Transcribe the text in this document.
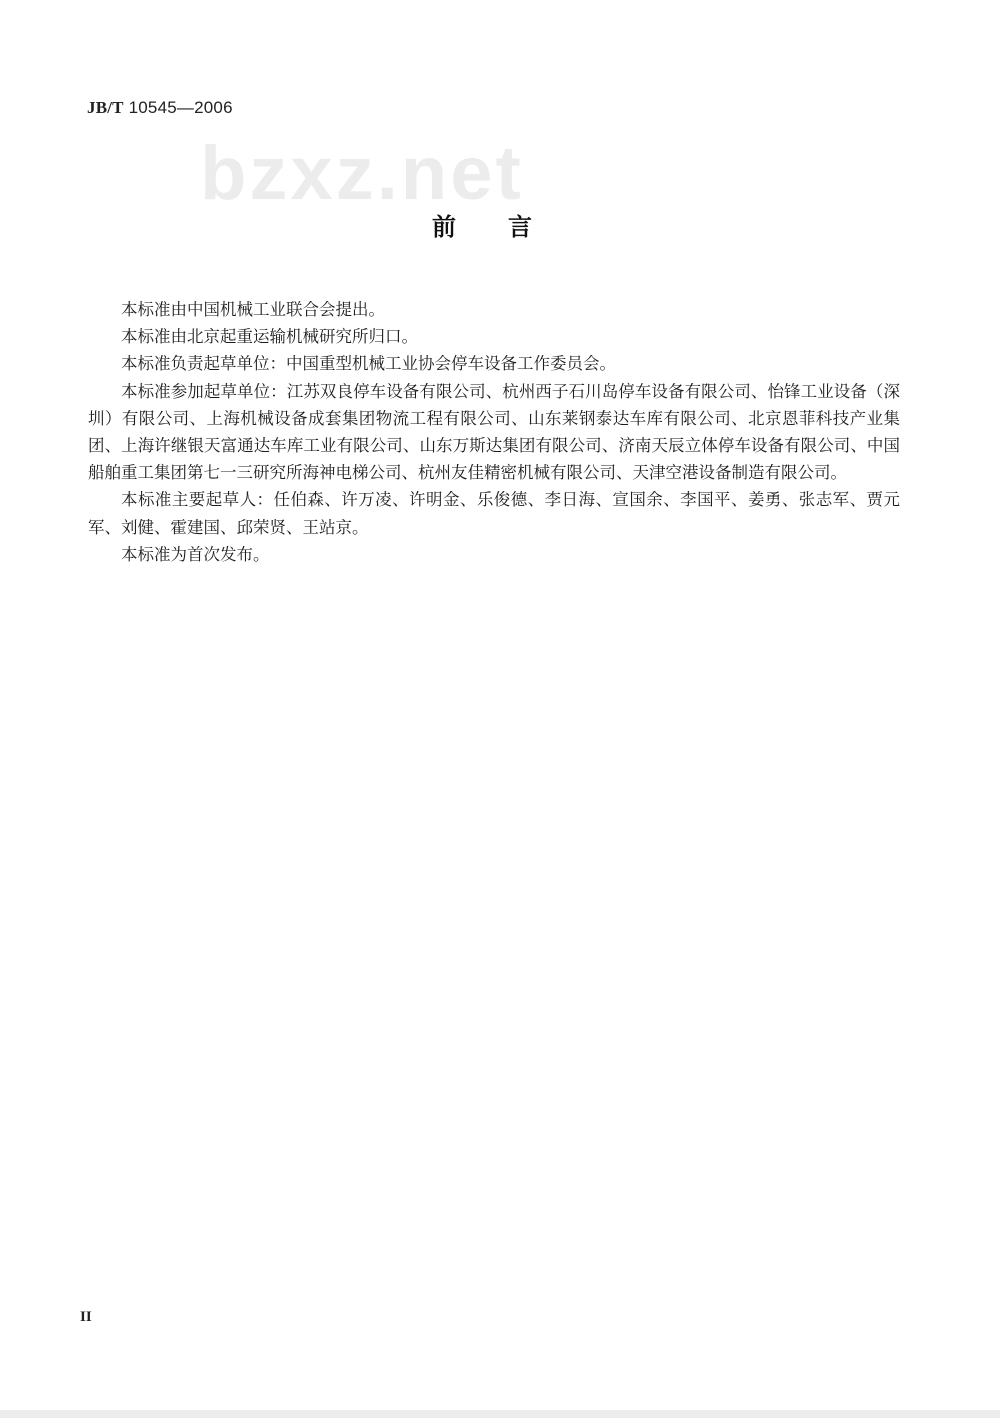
JB/T 10545—2006
bzxz.net
前言

本标准由中国机械工业联合会提出。

本标准由北京起重运输机械研究所归口。

本标准负责起草单位：中国重型机械工业协会停车设备工作委员会。

本标准参加起草单位：江苏双良停车设备有限公司、杭州西子石川岛停车设备有限公司、怡锋工业设备（深圳）有限公司、上海机械设备成套集团物流工程有限公司、山东莱钢泰达车库有限公司、北京恩菲科技产业集团、上海许继银天富通达车库工业有限公司、山东万斯达集团有限公司、济南天辰立体停车设备有限公司、中国船舶重工集团第七一三研究所海神电梯公司、杭州友佳精密机械有限公司、天津空港设备制造有限公司。

本标准主要起草人：任伯森、许万凌、许明金、乐俊德、李日海、宣国余、李国平、姜勇、张志军、贾元军、刘健、霍建国、邱荣贤、王站京。

本标准为首次发布。

II
